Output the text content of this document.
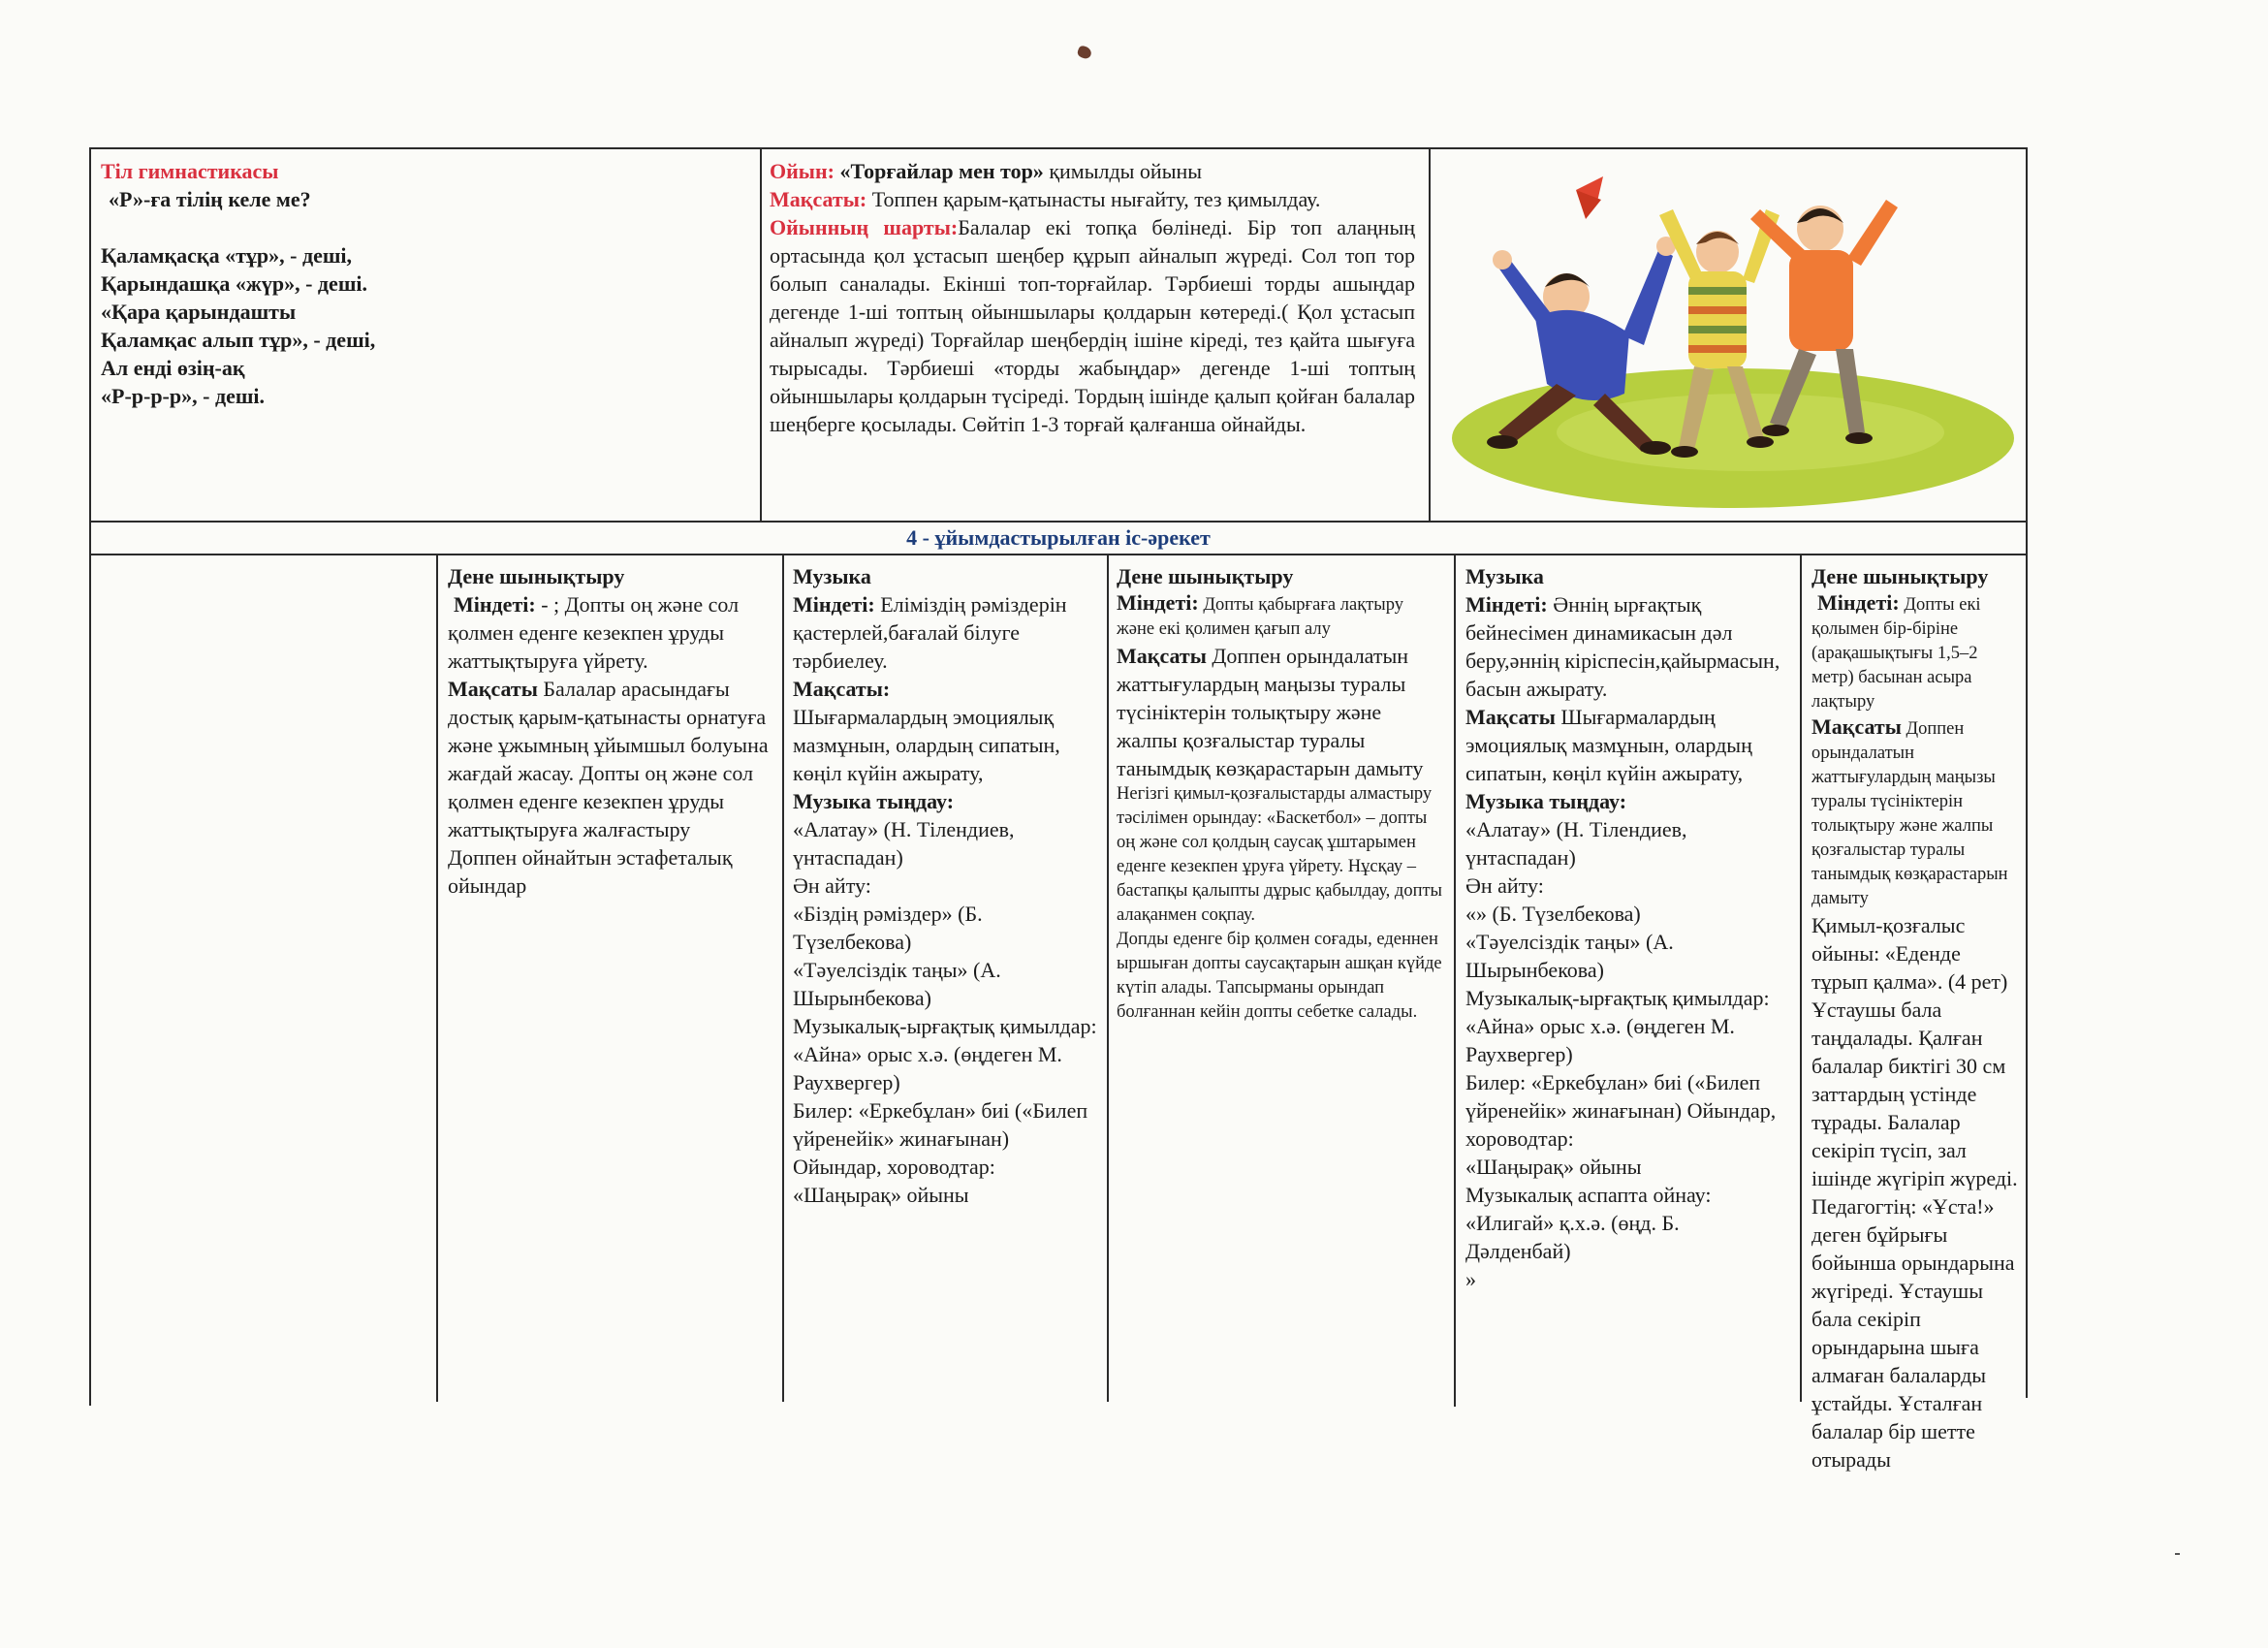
Тіл гимнастикасы
«Р»-ға тілің келе ме?
Қаламқасқа «тұр», - деші,
Қарындашқа «жүр», - деші.
«Қара қарындашты
Қаламқас алып тұр», - деші,
Ал енді өзің-ақ
«Р-р-р-р», - деші.
Ойын: «Торғайлар мен тор» қимылды ойыны
Мақсаты: Топпен қарым-қатынасты нығайту, тез қимылдау.
Ойынның шарты:Балалар екі топқа бөлінеді. Бір топ алаңның ортасында қол ұстасып шеңбер құрып айналып жүреді. Сол топ тор болып саналады. Екінші топ-торғайлар. Тәрбиеші торды ашыңдар дегенде 1-ші топтың ойыншылары қолдарын көтереді.( Қол ұстасып айналып жүреді) Торғайлар шеңбердің ішіне кіреді, тез қайта шығуға тырысады. Тәрбиеші «торды жабыңдар» дегенде 1-ші топтың ойыншылары қолдарын түсіреді. Тордың ішінде қалып қойған балалар шеңберге қосылады. Сөйтіп 1-3 торғай қалғанша ойнайды.
4 - ұйымдастырылған іс-әрекет
Дене шынықтыру
Міндеті: - ; Допты оң және сол қолмен еденге кезекпен ұруды жаттықтыруға үйрету.
Мақсаты Балалар арасындағы достық қарым-қатынасты орнатуға және ұжымның ұйымшыл болуына жағдай жасау. Допты оң және сол қолмен еденге кезекпен ұруды жаттықтыруға жалғастыру
Доппен ойнайтын эстафеталық ойындар
Музыка
Міндеті: Еліміздің рәміздерін қастерлей,бағалай білуге тәрбиелеу.
Мақсаты:
Шығармалардың эмоциялық мазмұнын, олардың сипатын, көңіл күйін ажырату,
Музыка тыңдау:
«Алатау» (Н. Тілендиев, үнтаспадан)
Ән айту:
«Біздің рәміздер» (Б. Түзелбекова)
«Тәуелсіздік таңы» (А. Шырынбекова)
Музыкалық-ырғақтық қимылдар:
«Айна» орыс х.ә. (өңдеген М. Раухвергер)
Билер: «Еркебұлан» биі («Билеп үйренейік» жинағынан) Ойындар, хороводтар:
«Шаңырақ» ойыны
Дене шынықтыру
Міндеті: Допты қабырғаға лақтыру және екі қолимен қағып алу
Мақсаты Доппен орындалатын жаттығулардың маңызы туралы түсініктерін толықтыру және жалпы қозғалыстар туралы танымдық көзқарастарын дамыту
Негізгі қимыл-қозғалыстарды алмастыру тәсілімен орындау: «Баскетбол» – допты оң және сол қолдың саусақ ұштарымен еденге кезекпен ұруға үйрету. Нұсқау – бастапқы қалыпты дұрыс қабылдау, допты алақанмен соқпау.
Допды еденге бір қолмен соғады, еденнен ыршыған допты саусақтарын ашқан күйде күтіп алады. Тапсырманы орындап болғаннан кейін допты себетке салады.
Музыка
Міндеті: Әннің ырғақтық бейнесімен динамикасын дәл беру,әннің кіріспесін,қайырмасын, басын ажырату.
Мақсаты Шығармалардың эмоциялық мазмұнын, олардың сипатын, көңіл күйін ажырату,
Музыка тыңдау:
«Алатау» (Н. Тілендиев, үнтаспадан)
Ән айту:
«» (Б. Түзелбекова)
«Тәуелсіздік таңы» (А. Шырынбекова)
Музыкалық-ырғақтық қимылдар:
«Айна» орыс х.ә. (өңдеген М. Раухвергер)
Билер: «Еркебұлан» биі («Билеп үйренейік» жинағынан) Ойындар, хороводтар:
«Шаңырақ» ойыны
Музыкалық аспапта ойнау: «Илигай» қ.х.ә. (өңд. Б. Дәлденбай)
»
Дене шынықтыру
Міндеті: Допты екі қолымен бір-біріне (арақашықтығы 1,5–2 метр) басынан асыра лақтыру
Мақсаты Доппен орындалатын жаттығулардың маңызы туралы түсініктерін толықтыру және жалпы қозғалыстар туралы танымдық көзқарастарын дамыту
Қимыл-қозғалыс ойыны: «Еденде тұрып қалма». (4 рет)
Ұстаушы бала таңдалады. Қалған балалар биктігі 30 см заттардың үстінде тұрады. Балалар секіріп түсіп, зал ішінде жүгіріп жүреді. Педагогтің: «Ұста!» деген бұйрығы бойынша орындарына жүгіреді. Ұстаушы бала секіріп орындарына шыға алмаған балаларды
ұстайды. Ұсталған балалар бір шетте отырады
